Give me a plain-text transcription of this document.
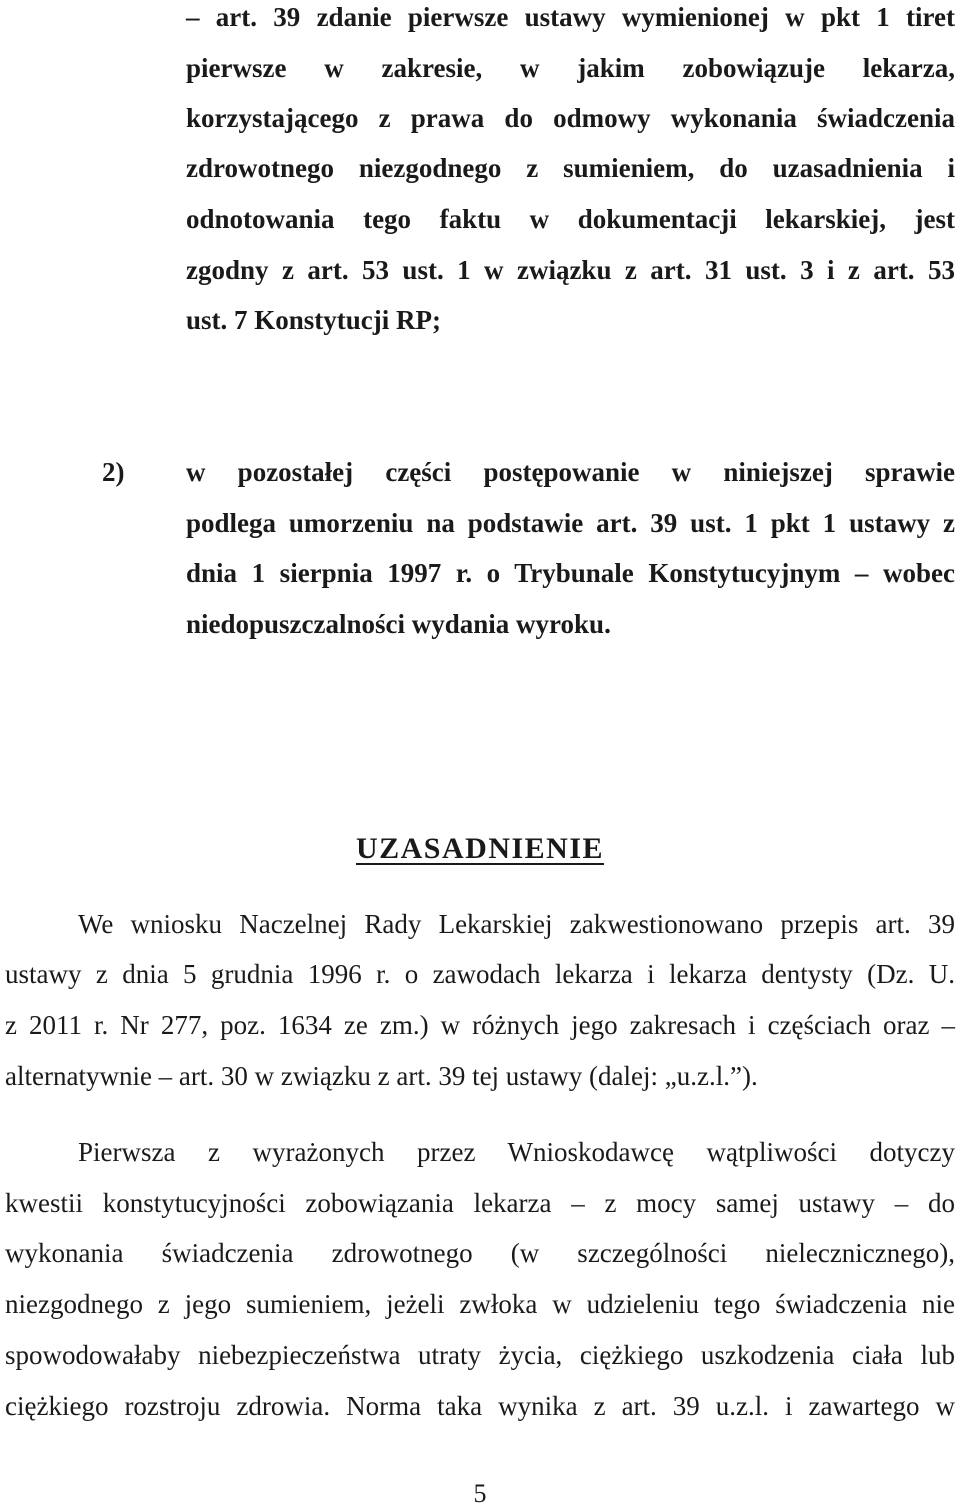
– art. 39 zdanie pierwsze ustawy wymienionej w pkt 1 tiret
pierwsze w zakresie, w jakim zobowiązuje lekarza,
korzystającego z prawa do odmowy wykonania świadczenia
zdrowotnego niezgodnego z sumieniem, do uzasadnienia i
odnotowania tego faktu w dokumentacji lekarskiej, jest
zgodny z art. 53 ust. 1 w związku z art. 31 ust. 3 i z art. 53
ust. 7 Konstytucji RP;
2) w pozostałej części postępowanie w niniejszej sprawie
podlega umorzeniu na podstawie art. 39 ust. 1 pkt 1 ustawy z
dnia 1 sierpnia 1997 r. o Trybunale Konstytucyjnym – wobec
niedopuszczalności wydania wyroku.
UZASADNIENIE
We wniosku Naczelnej Rady Lekarskiej zakwestionowano przepis art. 39
ustawy z dnia 5 grudnia 1996 r. o zawodach lekarza i lekarza dentysty (Dz. U.
z 2011 r. Nr 277, poz. 1634 ze zm.) w różnych jego zakresach i częściach oraz –
alternatywnie – art. 30 w związku z art. 39 tej ustawy (dalej: „u.z.l.”).
Pierwsza z wyrażonych przez Wnioskodawcę wątpliwości dotyczy
kwestii konstytucyjności zobowiązania lekarza – z mocy samej ustawy – do
wykonania świadczenia zdrowotnego (w szczególności nielecznicznego),
niezgodnego z jego sumieniem, jeżeli zwłoka w udzieleniu tego świadczenia nie
spowodowałaby niebezpieczeństwa utraty życia, ciężkiego uszkodzenia ciała lub
ciężkiego rozstroju zdrowia. Norma taka wynika z art. 39 u.z.l. i zawartego w
5
